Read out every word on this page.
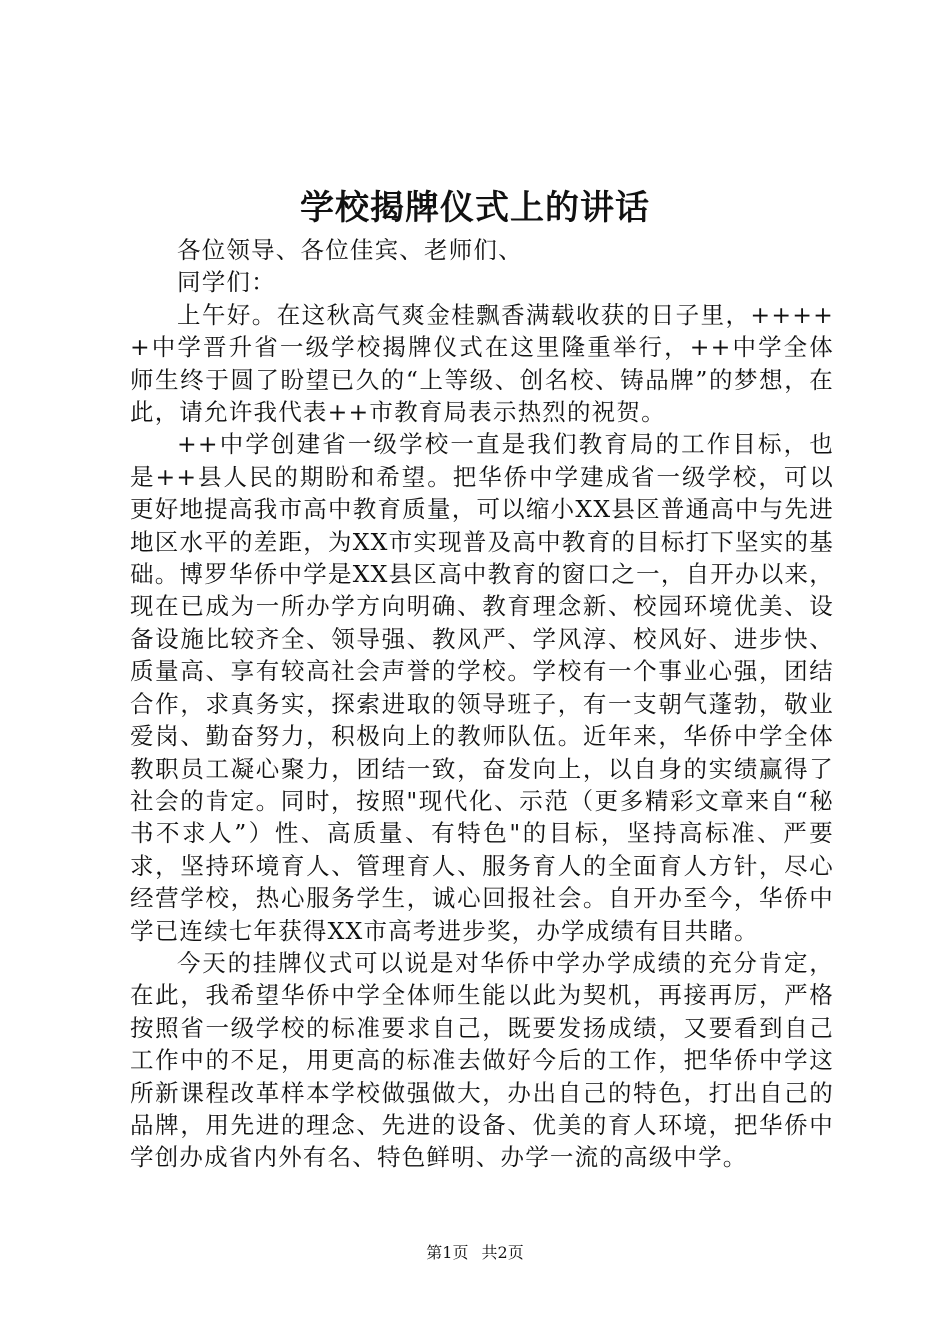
学校揭牌仪式上的讲话

各位领导、各位佳宾、老师们、

同学们：

上午好。在这秋高气爽金桂飘香满载收获的日子里，+++++中学晋升省一级学校揭牌仪式在这里隆重举行，++中学全体师生终于圆了盼望已久的“上等级、创名校、铸品牌”的梦想，在此，请允许我代表++市教育局表示热烈的祝贺。

++中学创建省一级学校一直是我们教育局的工作目标，也是++县人民的期盼和希望。把华侨中学建成省一级学校，可以更好地提高我市高中教育质量，可以缩小XX县区普通高中与先进地区水平的差距，为XX市实现普及高中教育的目标打下坚实的基础。博罗华侨中学是XX县区高中教育的窗口之一，自开办以来，现在已成为一所办学方向明确、教育理念新、校园环境优美、设备设施比较齐全、领导强、教风严、学风淳、校风好、进步快、质量高、享有较高社会声誉的学校。学校有一个事业心强，团结合作，求真务实，探索进取的领导班子，有一支朝气蓬勃，敬业爱岗、勤奋努力，积极向上的教师队伍。近年来，华侨中学全体教职员工凝心聚力，团结一致，奋发向上，以自身的实绩赢得了社会的肯定。同时，按照"现代化、示范（更多精彩文章来自“秘书不求人”）性、高质量、有特色"的目标，坚持高标准、严要求，坚持环境育人、管理育人、服务育人的全面育人方针，尽心经营学校，热心服务学生，诚心回报社会。自开办至今，华侨中学已连续七年获得XX市高考进步奖，办学成绩有目共睹。

今天的挂牌仪式可以说是对华侨中学办学成绩的充分肯定，在此，我希望华侨中学全体师生能以此为契机，再接再厉，严格按照省一级学校的标准要求自己，既要发扬成绩，又要看到自己工作中的不足，用更高的标准去做好今后的工作，把华侨中学这所新课程改革样本学校做强做大，办出自己的特色，打出自己的品牌，用先进的理念、先进的设备、优美的育人环境，把华侨中学创办成省内外有名、特色鲜明、办学一流的高级中学。

第1页 共2页
